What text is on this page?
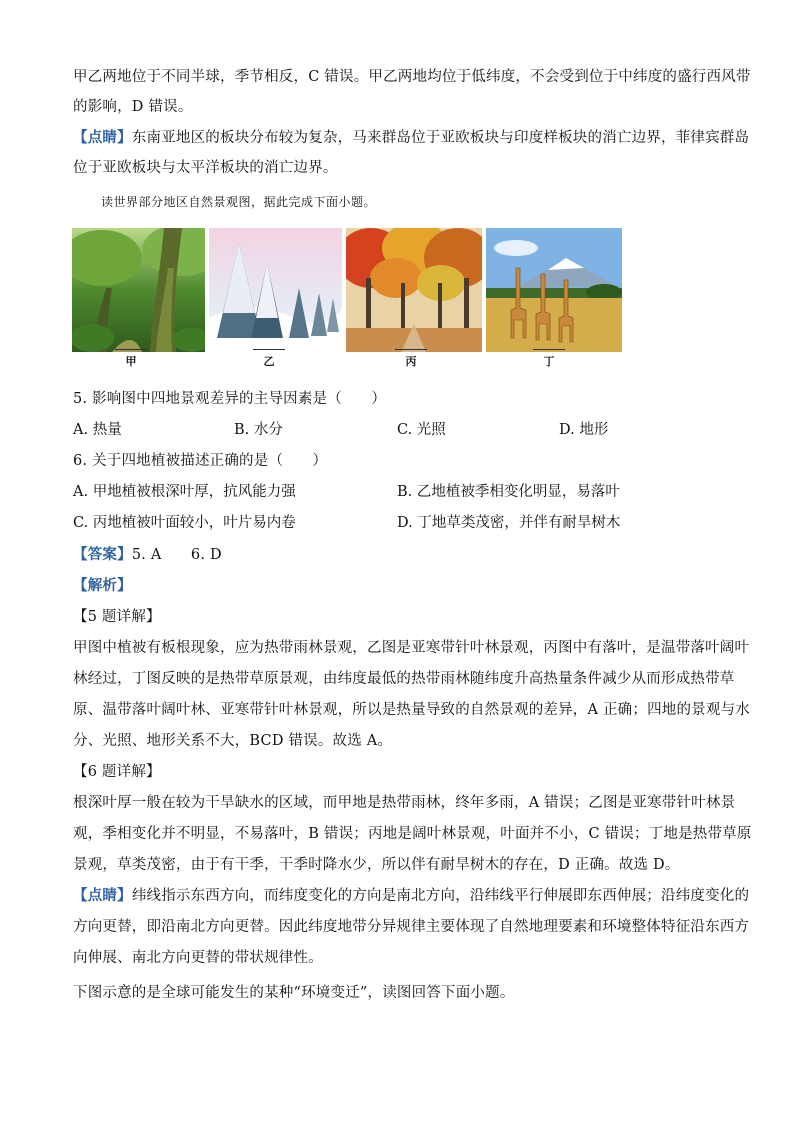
甲乙两地位于不同半球，季节相反，C 错误。甲乙两地均位于低纬度，不会受到位于中纬度的盛行西风带
的影响，D 错误。
【点睛】东南亚地区的板块分布较为复杂，马来群岛位于亚欧板块与印度样板块的消亡边界，菲律宾群岛
位于亚欧板块与太平洋板块的消亡边界。
读世界部分地区自然景观图，据此完成下面小题。
甲	乙	丙	丁
5. 影响图中四地景观差异的主导因素是（　　）
A. 热量	B. 水分	C. 光照	D. 地形
6. 关于四地植被描述正确的是（　　）
A. 甲地植被根深叶厚，抗风能力强	B. 乙地植被季相变化明显，易落叶
C. 丙地植被叶面较小，叶片易内卷	D. 丁地草类茂密，并伴有耐旱树木
【答案】5. A　　6. D
【解析】
【5 题详解】
甲图中植被有板根现象，应为热带雨林景观，乙图是亚寒带针叶林景观，丙图中有落叶，是温带落叶阔叶
林经过，丁图反映的是热带草原景观，由纬度最低的热带雨林随纬度升高热量条件减少从而形成热带草
原、温带落叶阔叶林、亚寒带针叶林景观，所以是热量导致的自然景观的差异，A 正确；四地的景观与水
分、光照、地形关系不大，BCD 错误。故选 A。
【6 题详解】
根深叶厚一般在较为干旱缺水的区域，而甲地是热带雨林，终年多雨，A 错误；乙图是亚寒带针叶林景
观，季相变化并不明显，不易落叶，B 错误；丙地是阔叶林景观，叶面并不小，C 错误；丁地是热带草原
景观，草类茂密，由于有干季，干季时降水少，所以伴有耐旱树木的存在，D 正确。故选 D。
【点睛】纬线指示东西方向，而纬度变化的方向是南北方向，沿纬线平行伸展即东西伸展；沿纬度变化的
方向更替，即沿南北方向更替。因此纬度地带分异规律主要体现了自然地理要素和环境整体特征沿东西方
向伸展、南北方向更替的带状规律性。
下图示意的是全球可能发生的某种“环境变迁”，读图回答下面小题。
